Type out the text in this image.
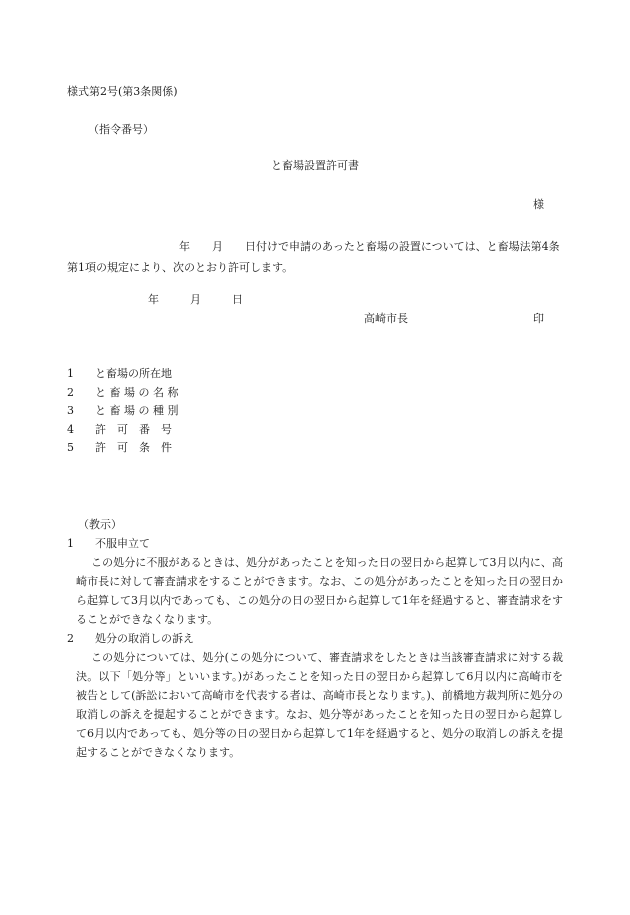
様式第2号(第3条関係)
（指令番号）
と畜場設置許可書
様
　　　　年　　月　　日付けで申請のあったと畜場の設置については、と畜場法第4条第1項の規定により、次のとおり許可します。
年	月	日
高崎市長	印
1 と畜場の所在地
2 と 畜 場 の 名 称
3 と 畜 場 の 種 別
4 許　可　番　号
5 許　可　条　件
（教示）
1 不服申立て
この処分に不服があるときは、処分があったことを知った日の翌日から起算して3月以内に、高崎市長に対して審査請求をすることができます。なお、この処分があったことを知った日の翌日から起算して3月以内であっても、この処分の日の翌日から起算して1年を経過すると、審査請求をすることができなくなります。
2 処分の取消しの訴え
この処分については、処分(この処分について、審査請求をしたときは当該審査請求に対する裁決。以下「処分等」といいます。)があったことを知った日の翌日から起算して6月以内に高崎市を被告として(訴訟において高崎市を代表する者は、高崎市長となります。)、前橋地方裁判所に処分の取消しの訴えを提起することができます。なお、処分等があったことを知った日の翌日から起算して6月以内であっても、処分等の日の翌日から起算して1年を経過すると、処分の取消しの訴えを提起することができなくなります。
